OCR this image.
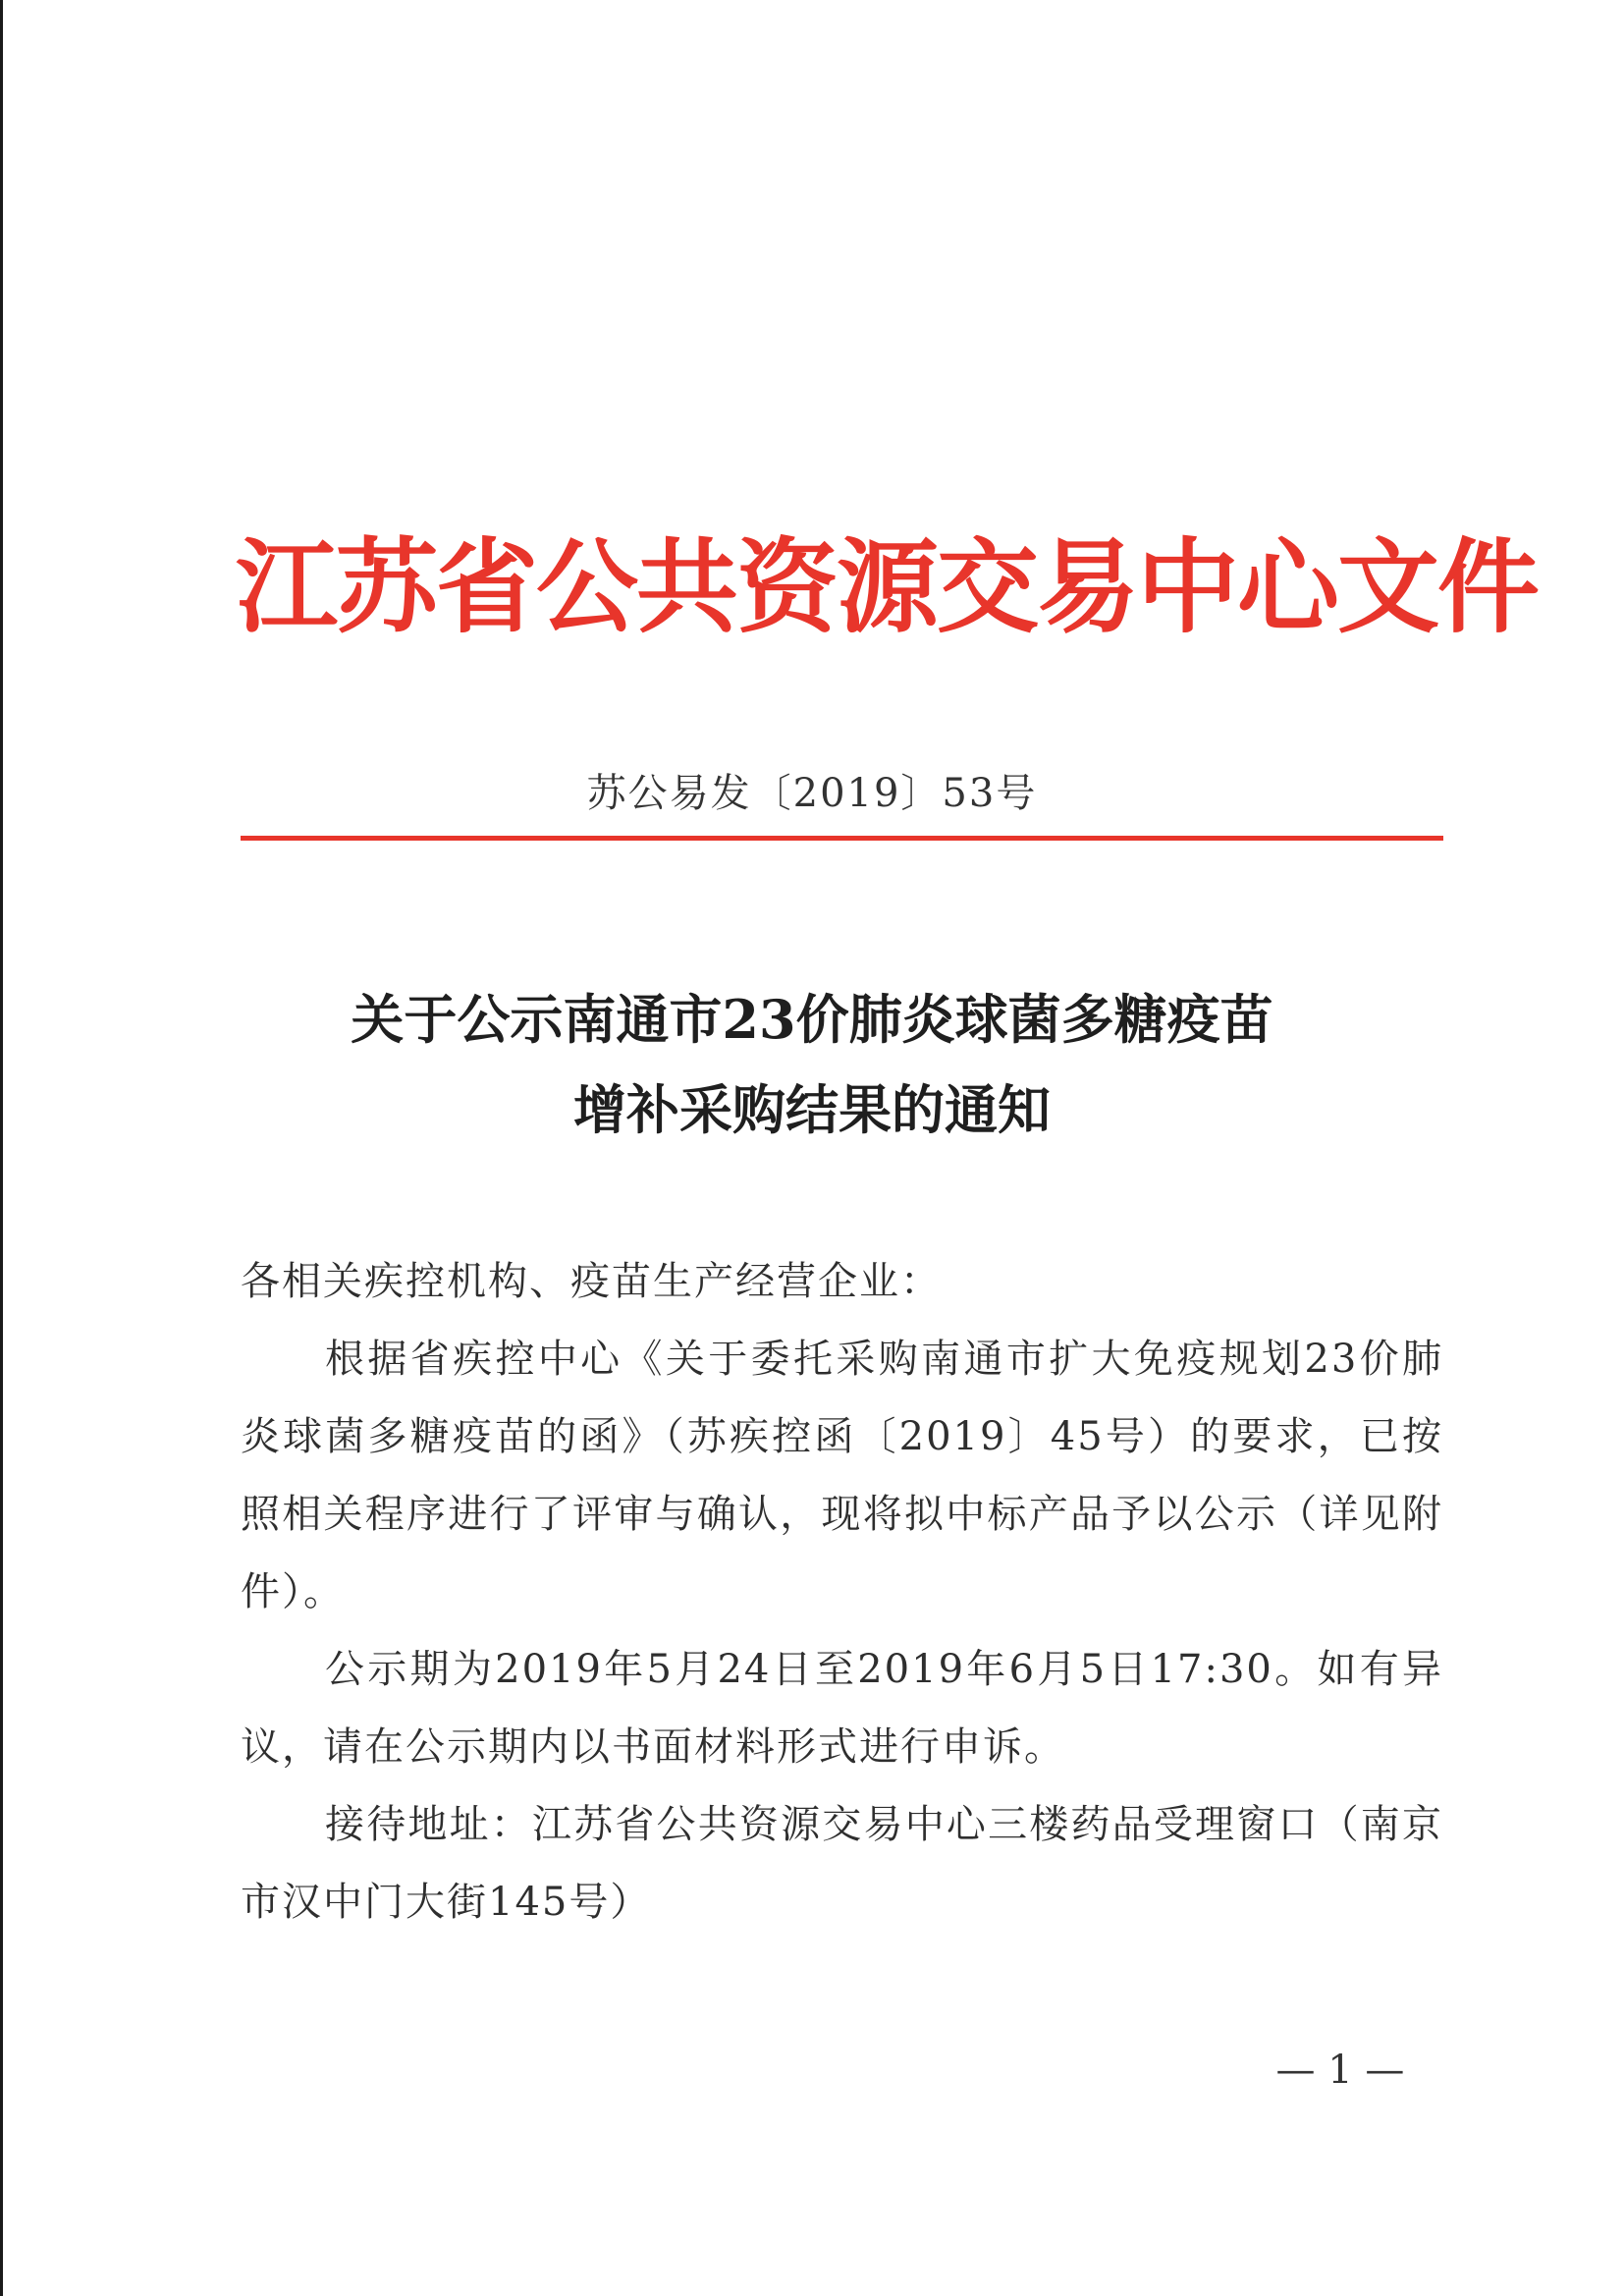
江苏省公共资源交易中心文件
苏公易发〔2019〕53号
关于公示南通市23价肺炎球菌多糖疫苗
增补采购结果的通知

各相关疾控机构、疫苗生产经营企业：

根据省疾控中心《关于委托采购南通市扩大免疫规划23价肺炎球菌多糖疫苗的函》（苏疾控函〔2019〕45号）的要求，已按照相关程序进行了评审与确认，现将拟中标产品予以公示（详见附件）。

公示期为2019年5月24日至2019年6月5日17:30。如有异议，请在公示期内以书面材料形式进行申诉。

接待地址：江苏省公共资源交易中心三楼药品受理窗口（南京市汉中门大街145号）

— 1 —
